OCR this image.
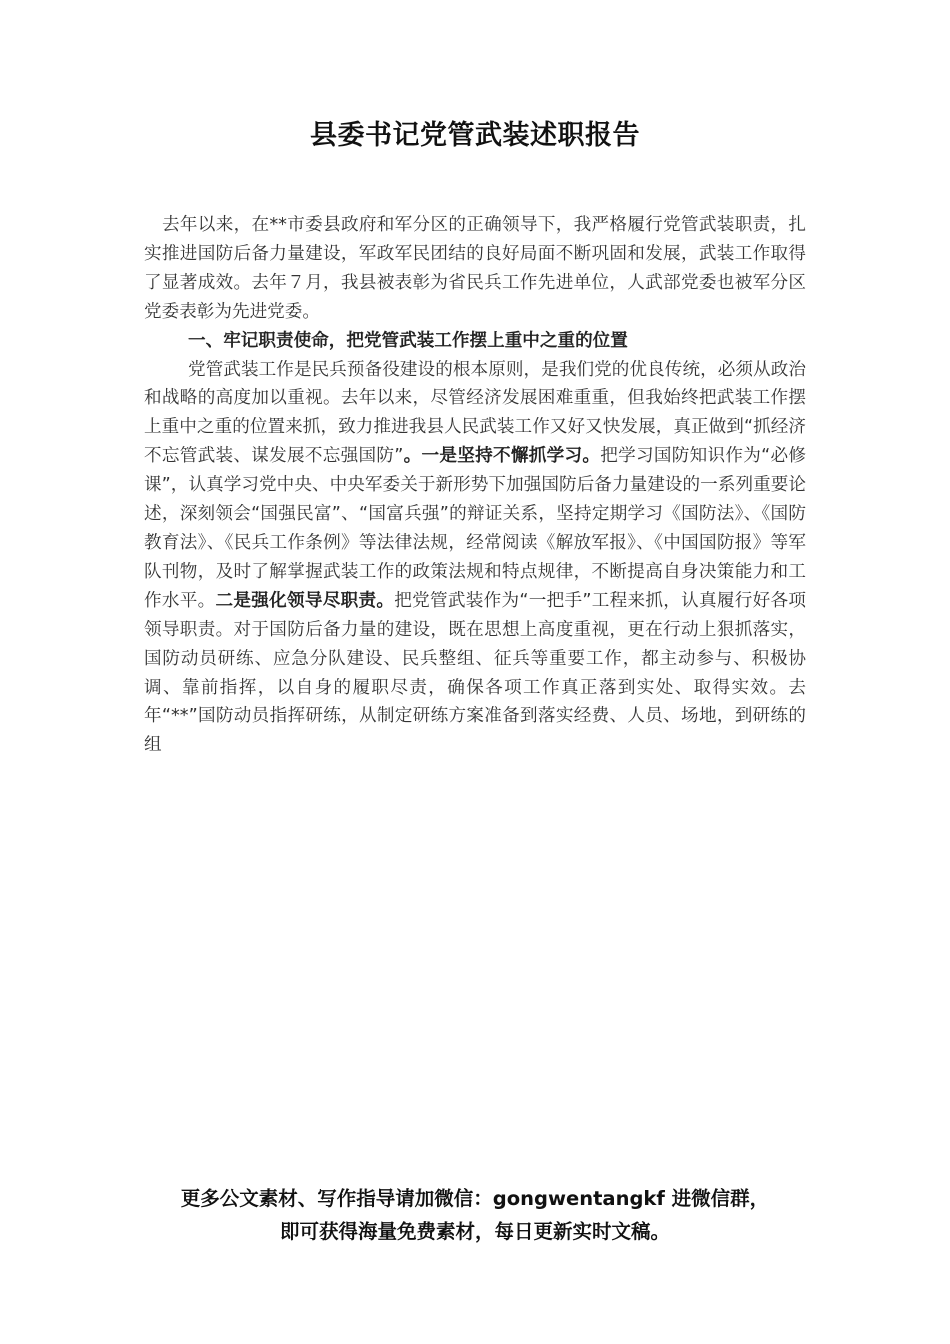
县委书记党管武装述职报告

去年以来，在**市委县政府和军分区的正确领导下，我严格履行党管武装职责，扎实推进国防后备力量建设，军政军民团结的良好局面不断巩固和发展，武装工作取得了显著成效。去年７月，我县被表彰为省民兵工作先进单位，人武部党委也被军分区党委表彰为先进党委。

一、牢记职责使命，把党管武装工作摆上重中之重的位置

党管武装工作是民兵预备役建设的根本原则，是我们党的优良传统，必须从政治和战略的高度加以重视。去年以来，尽管经济发展困难重重，但我始终把武装工作摆上重中之重的位置来抓，致力推进我县人民武装工作又好又快发展，真正做到“抓经济不忘管武装、谋发展不忘强国防”。一是坚持不懈抓学习。把学习国防知识作为“必修课”，认真学习党中央、中央军委关于新形势下加强国防后备力量建设的一系列重要论述，深刻领会“国强民富”、“国富兵强”的辩证关系，坚持定期学习《国防法》、《国防教育法》、《民兵工作条例》等法律法规，经常阅读《解放军报》、《中国国防报》等军队刊物，及时了解掌握武装工作的政策法规和特点规律，不断提高自身决策能力和工作水平。二是强化领导尽职责。把党管武装作为“一把手”工程来抓，认真履行好各项领导职责。对于国防后备力量的建设，既在思想上高度重视，更在行动上狠抓落实，国防动员研练、应急分队建设、民兵整组、征兵等重要工作，都主动参与、积极协调、靠前指挥，以自身的履职尽责，确保各项工作真正落到实处、取得实效。去年“**”国防动员指挥研练，从制定研练方案准备到落实经费、人员、场地，到研练的组

更多公文素材、写作指导请加微信：gongwentangkf 进微信群，
即可获得海量免费素材，每日更新实时文稿。
